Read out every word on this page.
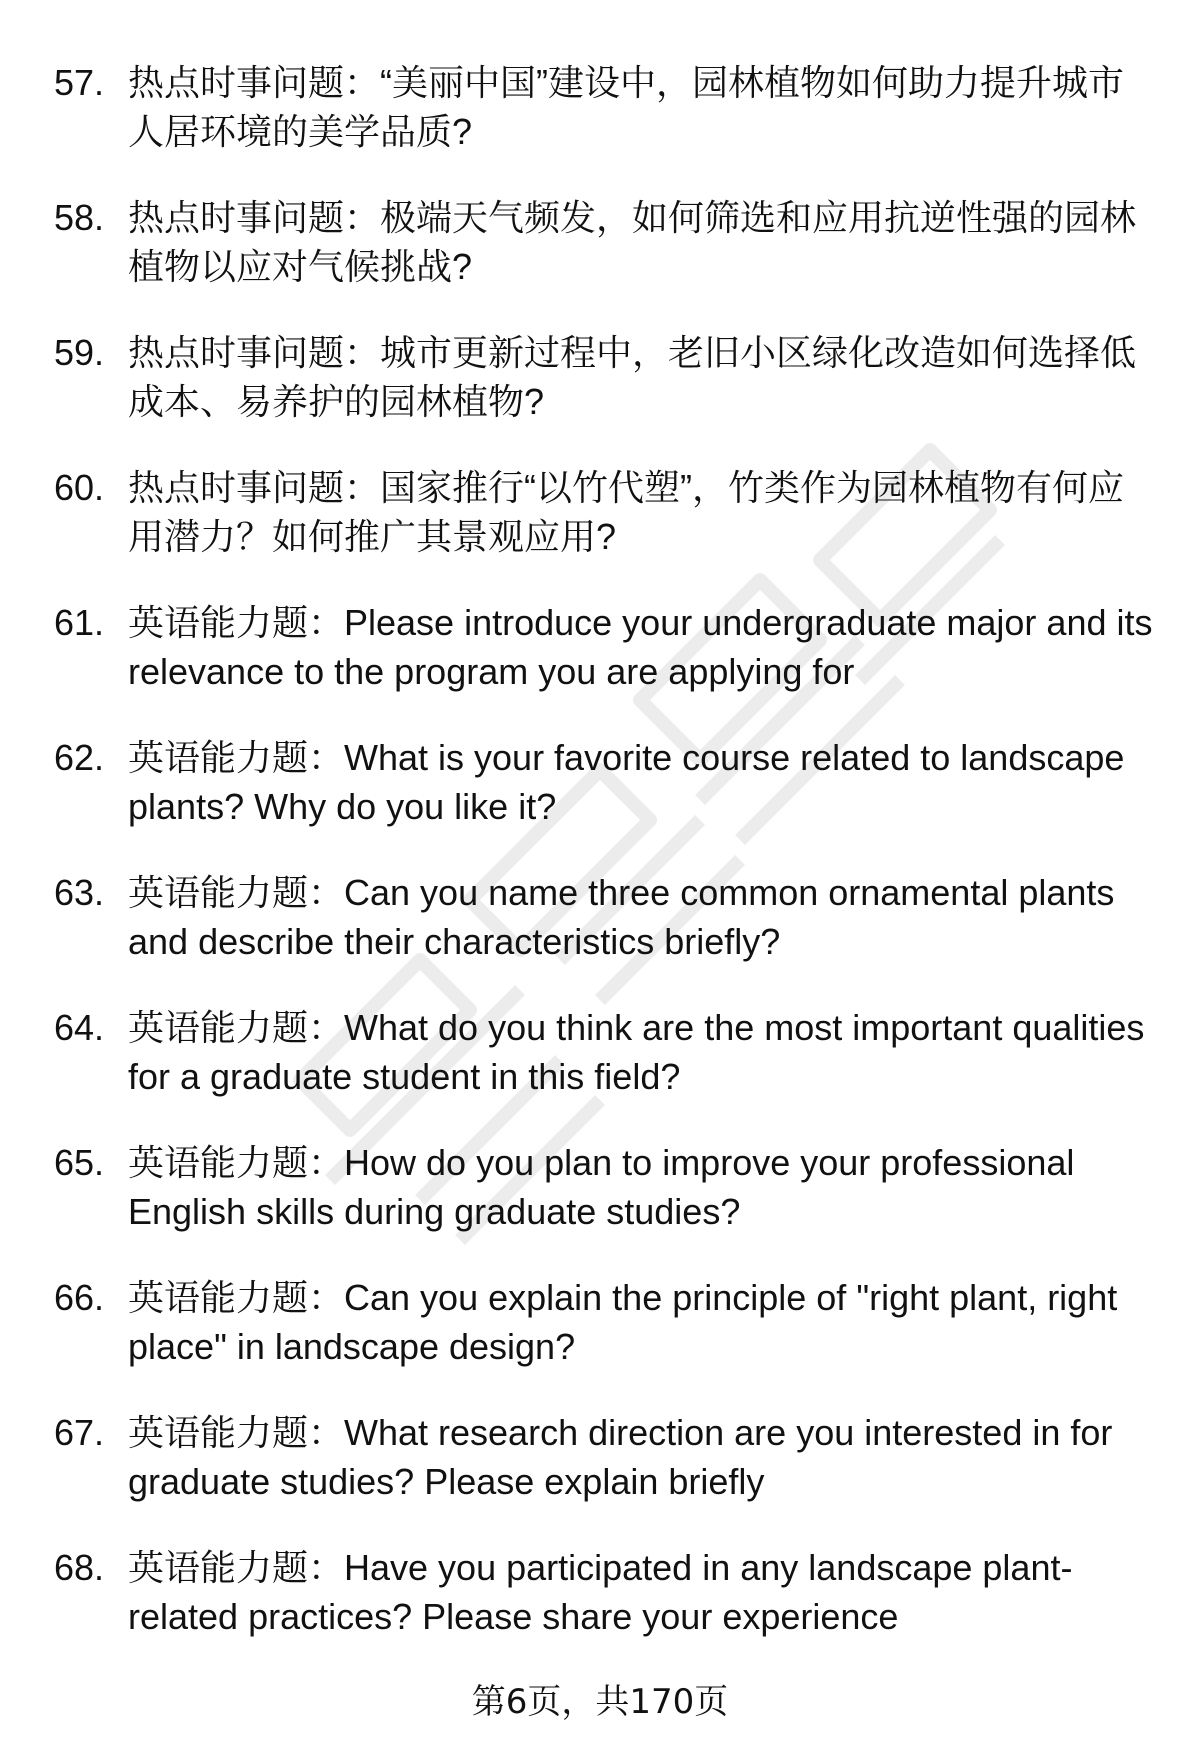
57. 热点时事问题：“美丽中国”建设中，园林植物如何助力提升城市人居环境的美学品质?
58. 热点时事问题：极端天气频发，如何筛选和应用抗逆性强的园林植物以应对气候挑战?
59. 热点时事问题：城市更新过程中，老旧小区绿化改造如何选择低成本、易养护的园林植物?
60. 热点时事问题：国家推行“以竹代塑”，竹类作为园林植物有何应用潜力？如何推广其景观应用?
61. 英语能力题：Please introduce your undergraduate major and its relevance to the program you are applying for
62. 英语能力题：What is your favorite course related to landscape plants? Why do you like it?
63. 英语能力题：Can you name three common ornamental plants and describe their characteristics briefly?
64. 英语能力题：What do you think are the most important qualities for a graduate student in this field?
65. 英语能力题：How do you plan to improve your professional English skills during graduate studies?
66. 英语能力题：Can you explain the principle of "right plant, right place" in landscape design?
67. 英语能力题：What research direction are you interested in for graduate studies? Please explain briefly
68. 英语能力题：Have you participated in any landscape plant-related practices? Please share your experience
第6页，共170页
